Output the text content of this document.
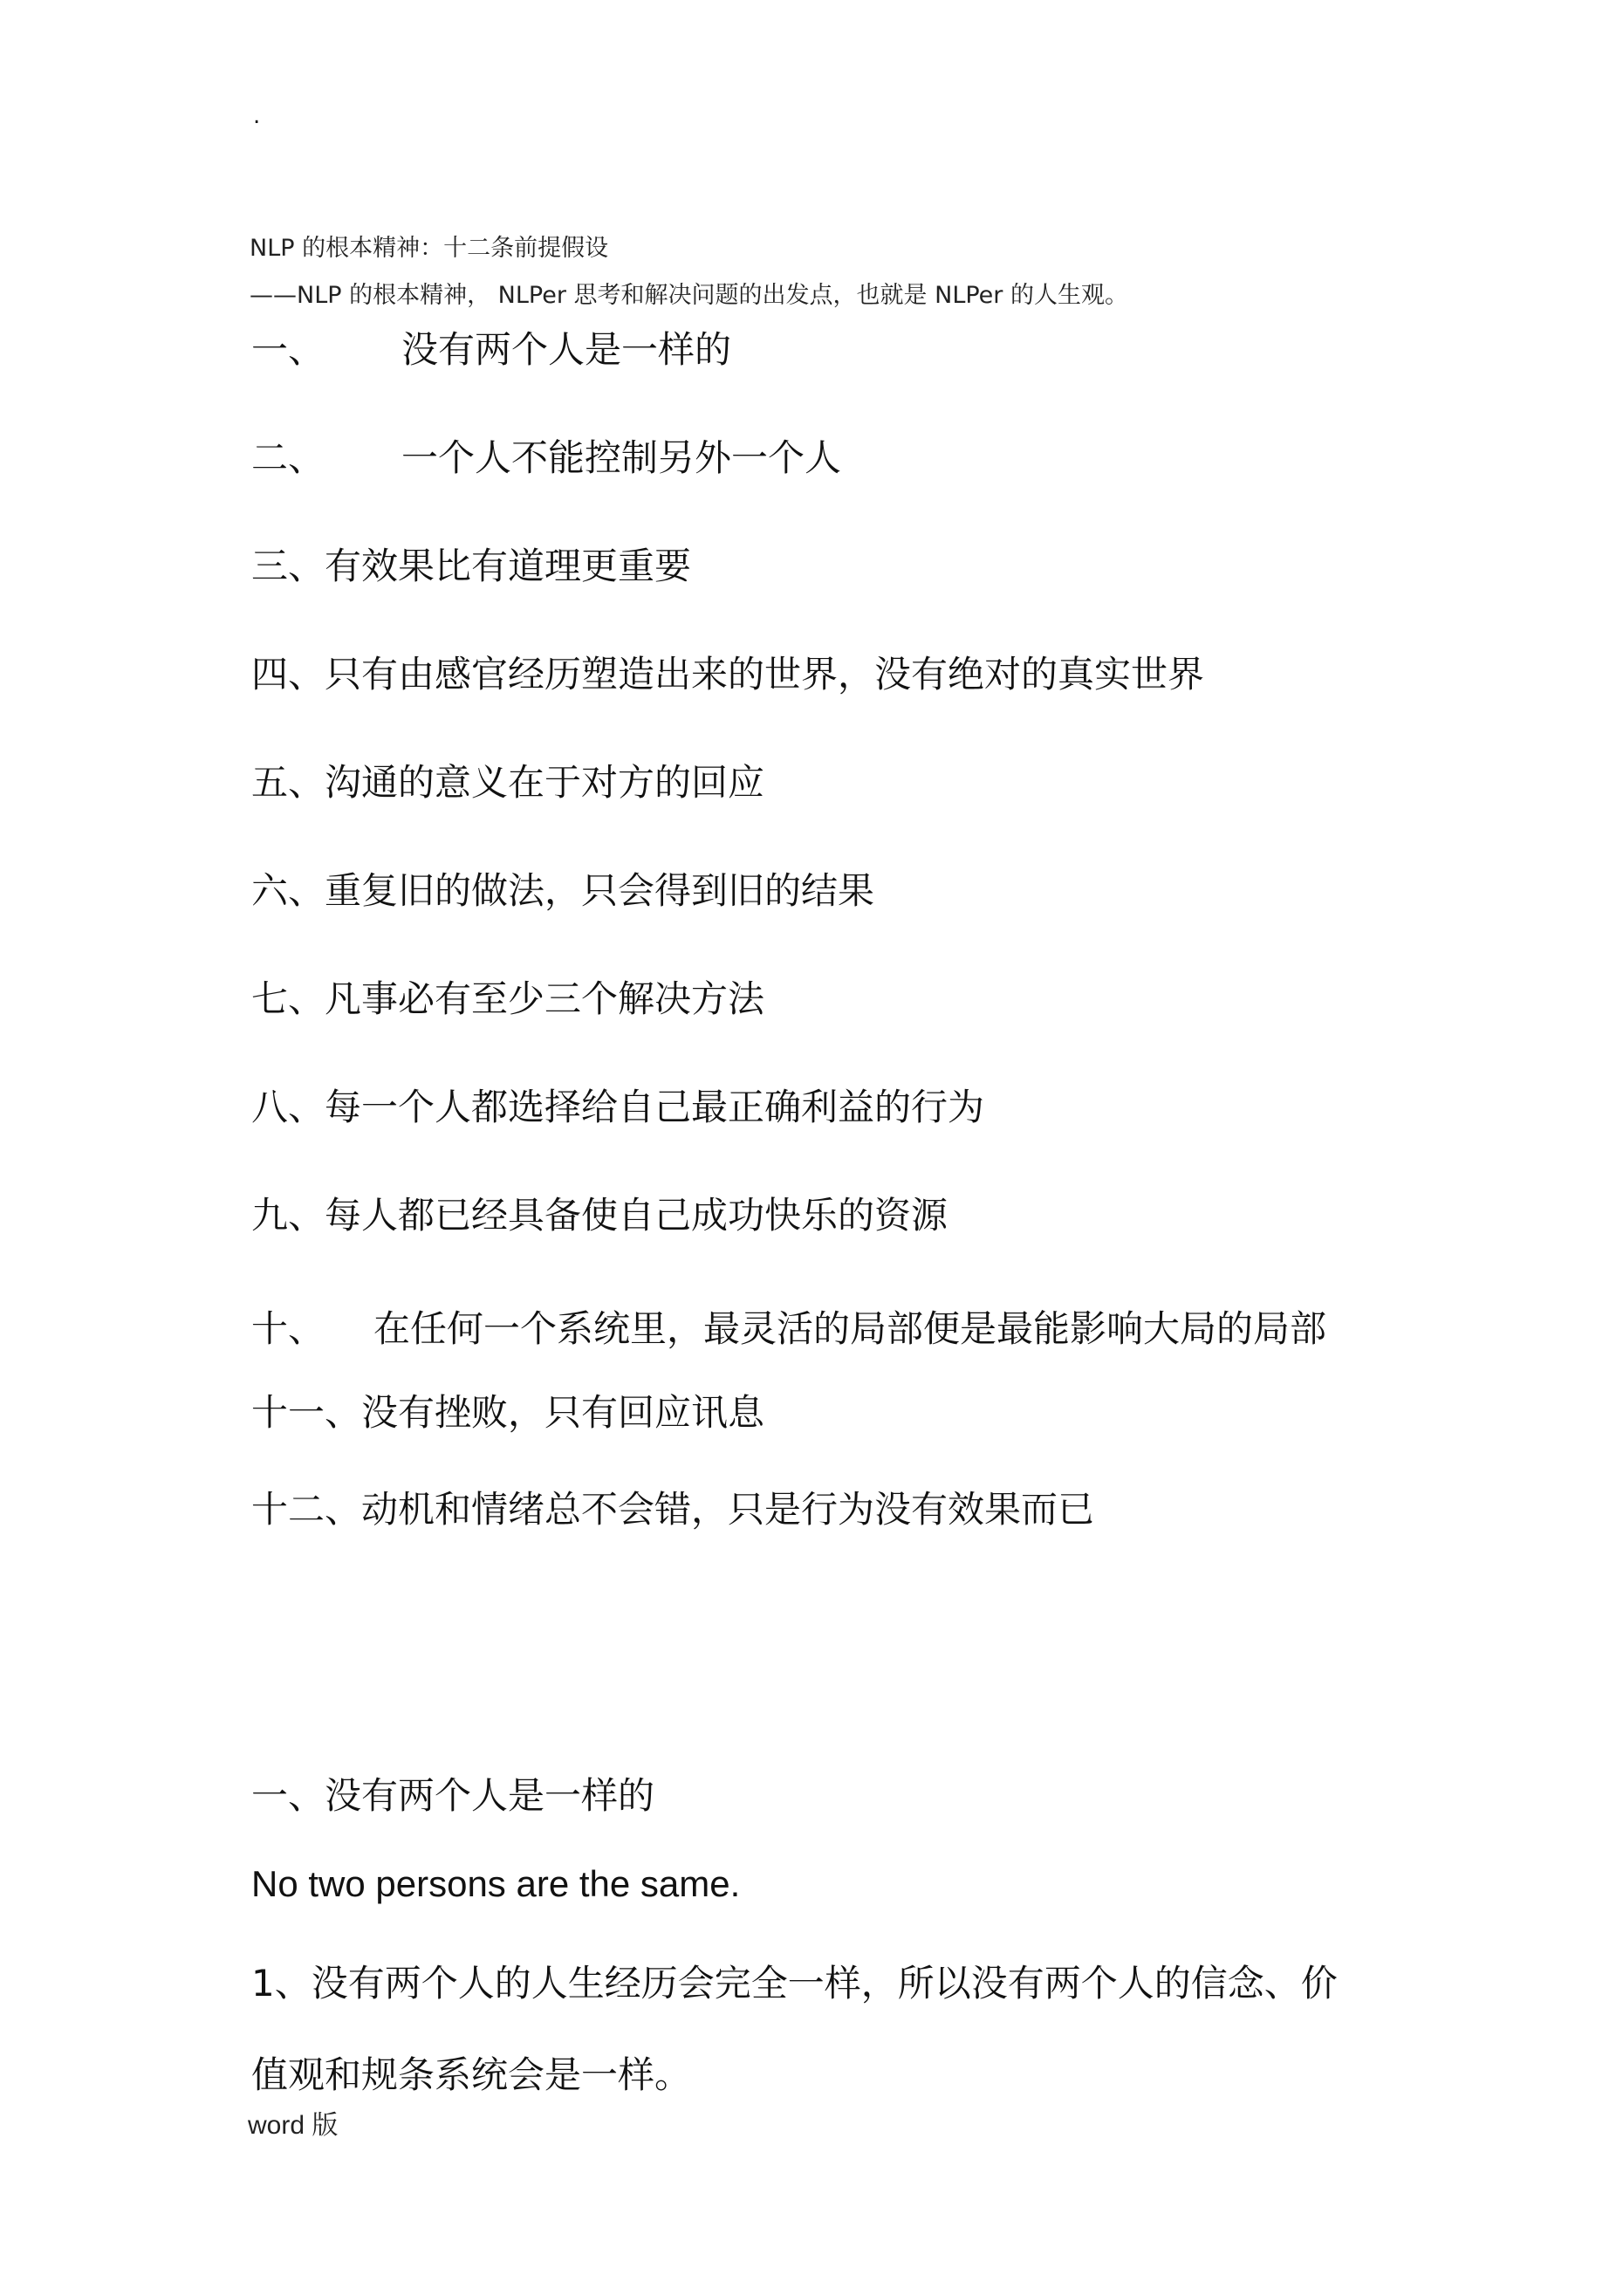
.
NLP 的根本精神：十二条前提假设
——NLP 的根本精神， NLPer 思考和解决问题的出发点，也就是 NLPer 的人生观。
一、 没有两个人是一样的
二、 一个人不能控制另外一个人
三、有效果比有道理更重要
四、只有由感官经历塑造出来的世界，没有绝对的真实世界
五、沟通的意义在于对方的回应
六、重复旧的做法，只会得到旧的结果
七、凡事必有至少三个解决方法
八、每一个人都选择给自己最正确利益的行为
九、每人都已经具备使自己成功快乐的资源
十、 在任何一个系统里，最灵活的局部便是最能影响大局的局部
十一、没有挫败，只有回应讯息
十二、动机和情绪总不会错，只是行为没有效果而已
一、没有两个人是一样的
No two persons are the same.
1、没有两个人的人生经历会完全一样，所以没有两个人的信念、价
值观和规条系统会是一样。
word 版
